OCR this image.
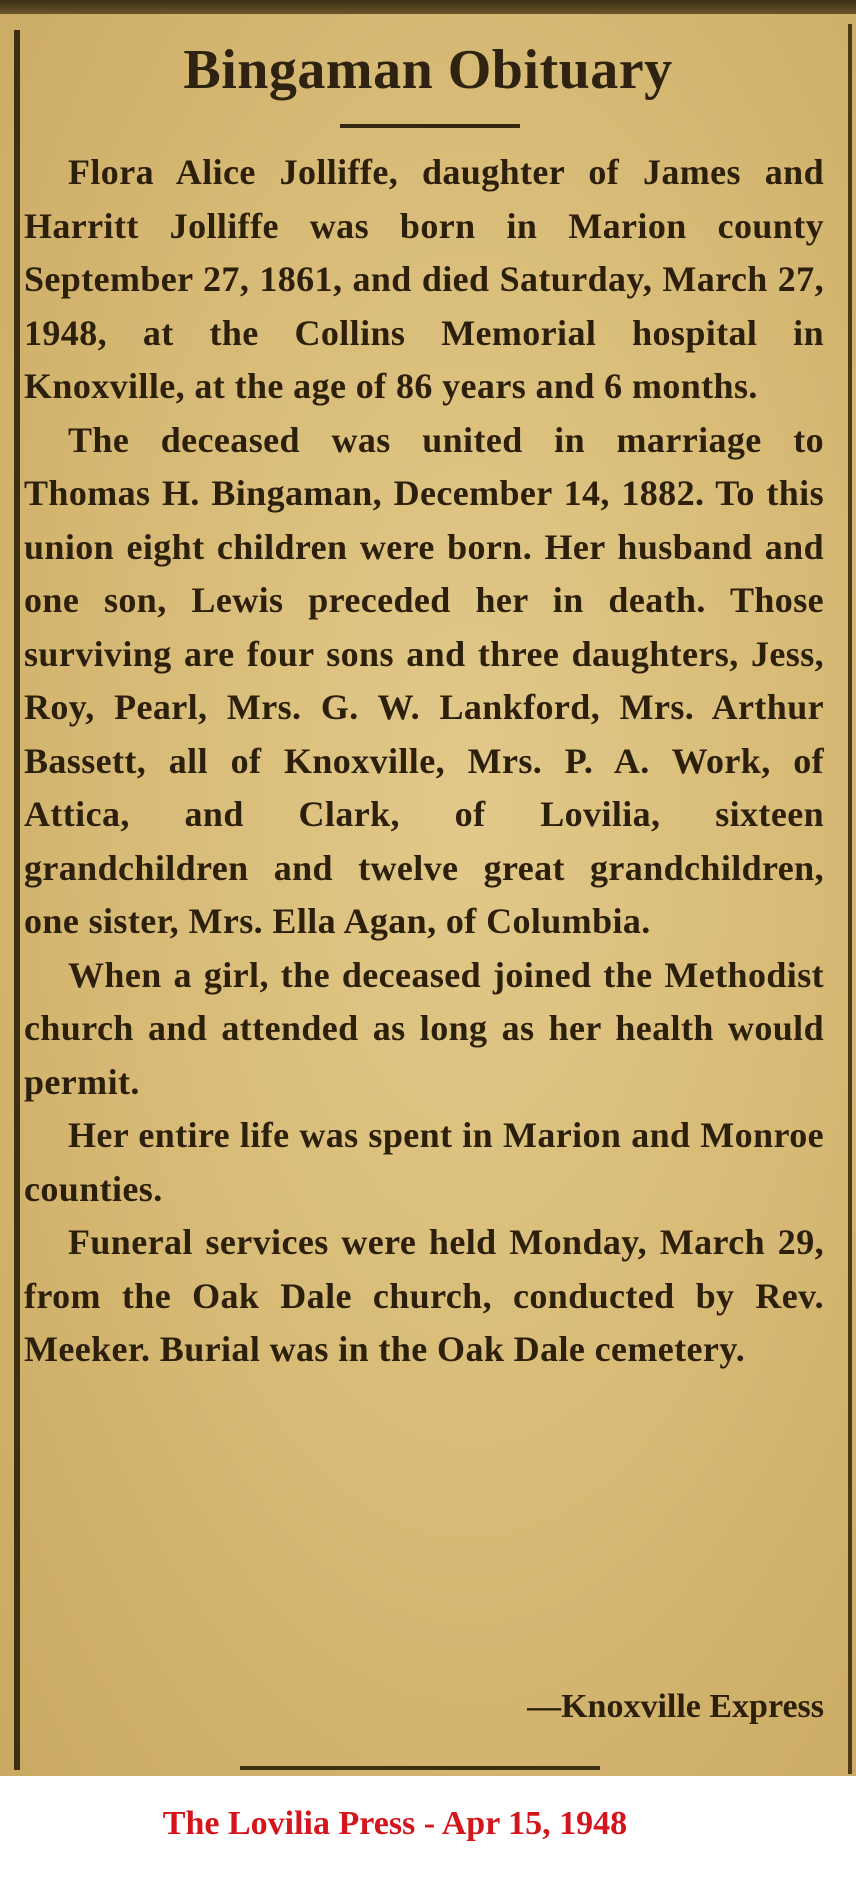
Bingaman Obituary

Flora Alice Jolliffe, daughter of James and Harritt Jolliffe was born in Marion county September 27, 1861, and died Saturday, March 27, 1948, at the Collins Memorial hospital in Knoxville, at the age of 86 years and 6 months.

The deceased was united in marriage to Thomas H. Bingaman, December 14, 1882. To this union eight children were born. Her husband and one son, Lewis preceded her in death. Those surviving are four sons and three daughters, Jess, Roy, Pearl, Mrs. G. W. Lankford, Mrs. Arthur Bassett, all of Knoxville, Mrs. P. A. Work, of Attica, and Clark, of Lovilia, sixteen grandchildren and twelve great grandchildren, one sister, Mrs. Ella Agan, of Columbia.

When a girl, the deceased joined the Methodist church and attended as long as her health would permit.

Her entire life was spent in Marion and Monroe counties.

Funeral services were held Monday, March 29, from the Oak Dale church, conducted by Rev. Meeker. Burial was in the Oak Dale cemetery.

—Knoxville Express
The Lovilia Press - Apr 15, 1948
